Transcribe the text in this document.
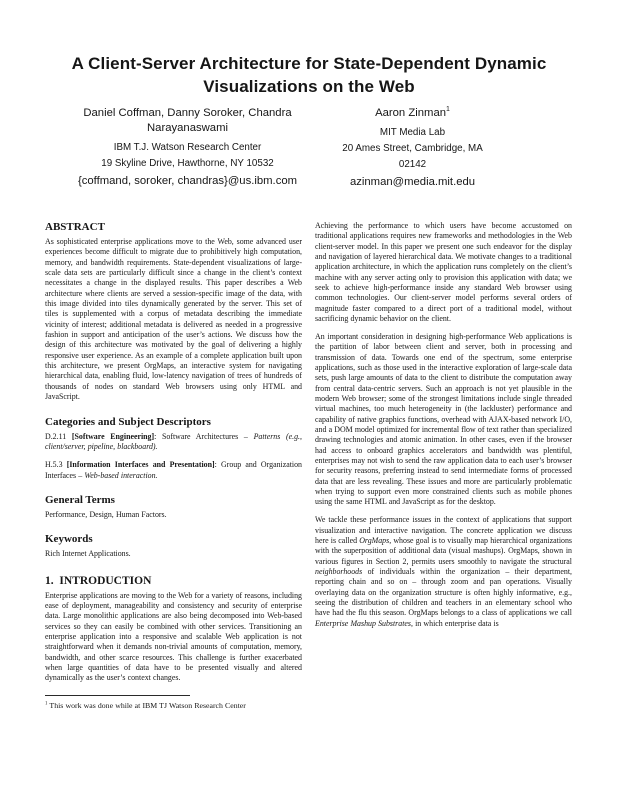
A Client-Server Architecture for State-Dependent Dynamic
Visualizations on the Web
Daniel Coffman, Danny Soroker, Chandra Narayanaswami
IBM T.J. Watson Research Center
19 Skyline Drive, Hawthorne, NY 10532
{coffmand, soroker, chandras}@us.ibm.com
Aaron Zinman$^1$
MIT Media Lab
20 Ames Street, Cambridge, MA 02142
azinman@media.mit.edu
ABSTRACT

As sophisticated enterprise applications move to the Web, some advanced user experiences become difficult to migrate due to prohibitively high computation, memory, and bandwidth requirements. State-dependent visualizations of large-scale data sets are particularly difficult since a change in the client’s context necessitates a change in the displayed results. This paper describes a Web architecture where clients are served a session-specific image of the data, with this image divided into tiles dynamically generated by the server. This set of tiles is supplemented with a corpus of metadata describing the immediate vicinity of interest; additional metadata is delivered as needed in a progressive fashion in support and anticipation of the user’s actions. We discuss how the design of this architecture was motivated by the goal of delivering a highly responsive user experience. As an example of a complete application built upon this architecture, we present OrgMaps, an interactive system for navigating hierarchical data, enabling fluid, low-latency navigation of trees of hundreds of thousands of nodes on standard Web browsers using only HTML and JavaScript.

Categories and Subject Descriptors

D.2.11 [Software Engineering]: Software Architectures – Patterns (e.g., client/server, pipeline, blackboard).

H.5.3 [Information Interfaces and Presentation]: Group and Organization Interfaces – Web-based interaction.

General Terms

Performance, Design, Human Factors.

Keywords

Rich Internet Applications.

1.  INTRODUCTION

Enterprise applications are moving to the Web for a variety of reasons, including ease of deployment, manageability and consistency and security of enterprise data. Large monolithic applications are also being decomposed into Web-based services so they can easily be combined with other services. Transitioning an enterprise application into a responsive and scalable Web application is not straightforward when it demands non-trivial amounts of computation, memory, bandwidth, and other scarce resources. This challenge is further exacerbated when large quantities of data have to be presented visually and altered dynamically as the user’s context changes.

$^1$ This work was done while at IBM TJ Watson Research Center

Achieving the performance to which users have become accustomed on traditional applications requires new frameworks and methodologies in the Web client-server model. In this paper we present one such endeavor for the display and navigation of layered hierarchical data. We motivate changes to a traditional application architecture, in which the application runs completely on the client’s machine with any server acting only to provision this application with data; we seek to achieve high-performance inside any standard Web browser using common technologies. Our client-server model performs several orders of magnitude faster compared to a direct port of a traditional model, without sacrificing dynamic behavior on the client.

An important consideration in designing high-performance Web applications is the partition of labor between client and server, both in processing and transmission of data. Towards one end of the spectrum, some enterprise applications, such as those used in the interactive exploration of large-scale data sets, push large amounts of data to the client to distribute the computation away from central data-centric servers. Such an approach is not yet plausible in the modern Web browser; some of the strongest limitations include single threaded virtual machines, too much heterogeneity in (the lackluster) performance and capability of native graphics functions, overhead with AJAX-based network I/O, and a DOM model optimized for incremental flow of text rather than specialized drawing technologies and atomic animation. In other cases, even if the browser had access to onboard graphics accelerators and bandwidth was plentiful, enterprises may not wish to send the raw application data to each user’s browser for security reasons, preferring instead to send intermediate forms of processed data that are less revealing. These issues and more are particularly problematic when trying to support even more constrained clients such as mobile phones using the same HTML and JavaScript as for the desktop.

We tackle these performance issues in the context of applications that support visualization and interactive navigation. The concrete application we discuss here is called OrgMaps, whose goal is to visually map hierarchical organizations with the superposition of additional data (visual mashups). OrgMaps, shown in various figures in Section 2, permits users smoothly to navigate the structural neighborhoods of individuals within the organization – their department, reporting chain and so on – through zoom and pan operations. Visually overlaying data on the organization structure is often highly informative, e.g., seeing the distribution of children and teachers in an elementary school who have had the flu this season. OrgMaps belongs to a class of applications we call Enterprise Mashup Substrates, in which enterprise data is
